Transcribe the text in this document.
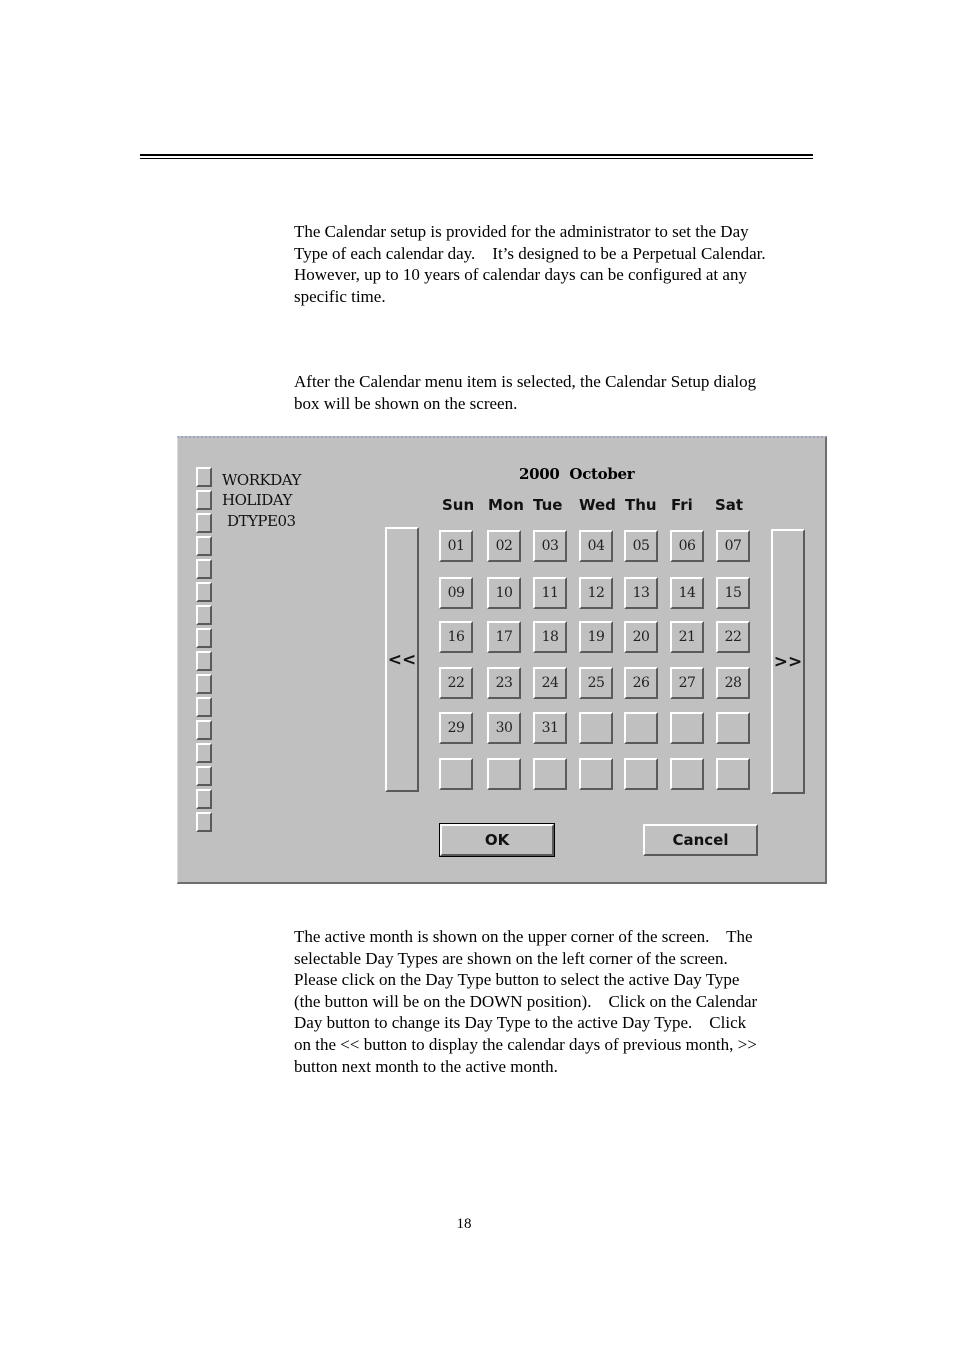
The Calendar setup is provided for the administrator to set the Day
Type of each calendar day.    It’s designed to be a Perpetual Calendar.
However, up to 10 years of calendar days can be configured at any
specific time.

After the Calendar menu item is selected, the Calendar Setup dialog
box will be shown on the screen.

WORKDAY
HOLIDAY
DTYPE03
2000 October
Sun Mon Tue Wed Thu Fri Sat
<<	>>
01 02 03 04 05 06 07
09 10 11 12 13 14 15
16 17 18 19 20 21 22
22 23 24 25 26 27 28
29 30 31
OK	Cancel

The active month is shown on the upper corner of the screen.    The
selectable Day Types are shown on the left corner of the screen.
Please click on the Day Type button to select the active Day Type
(the button will be on the DOWN position).    Click on the Calendar
Day button to change its Day Type to the active Day Type.    Click
on the << button to display the calendar days of previous month, >>
button next month to the active month.

18
